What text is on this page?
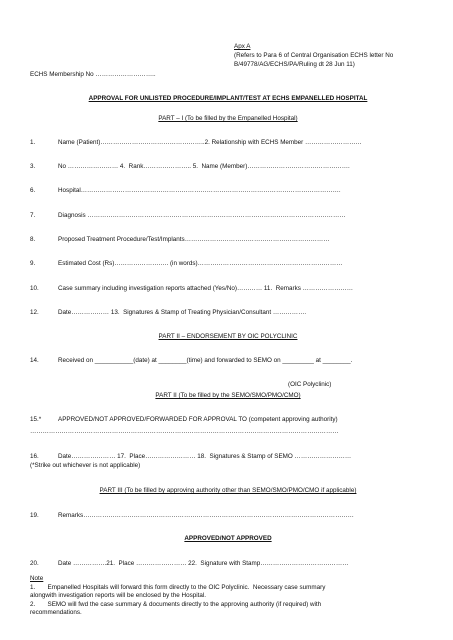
Apx A
(Refers to Para 6 of Central Organisation ECHS letter No
B/49778/AG/ECHS/PA/Ruling dt 28 Jun 11)
ECHS Membership No ………………………..
APPROVAL FOR UNLISTED PROCEDURE/IMPLANT/TEST AT ECHS EMPANELLED HOSPITAL
PART – I (To be filled by the Empanelled Hospital)
1.	Name (Patient)…………………………………………..2. Relationship with ECHS Member ………………………
3.	No …………………… 4.  Rank………………….. 5.  Name (Member)………………………………………….
6.	Hospital…………………………………………………………………………………………………………….
7.	Diagnosis ……………………………………………………………………………………………………………
8.	Proposed Treatment Procedure/Test/Implants……………………………………………………………
9.	Estimated Cost (Rs)…………………….. (in words)……………………………………………………………
10.	Case summary including investigation reports attached (Yes/No)………… 11.  Remarks ……………………
12.	Date……………… 13.  Signatures & Stamp of Treating Physician/Consultant …………….
PART II – ENDORSEMENT BY OIC POLYCLINIC
14.	Received on ___________(date) at ________(time) and forwarded to SEMO on _________ at ________.
(OIC Polyclinic)
PART II (To be filled by the SEMO/SMO/PMO/CMO)
15.*	APPROVED/NOT APPROVED/FORWARDED FOR APPROVAL TO (competent approving authority)
…………………………………………………………………………………………………………………………………
16.	Date………………… 17.  Place…………………… 18.  Signatures & Stamp of SEMO ………………………
(*Strike out whichever is not applicable)
PART III (To be filled by approving authority other than SEMO/SMO/PMO/CMO if applicable)
19.	Remarks…………………………………………………………………………………………………………………
APPROVED/NOT APPROVED
20.	Date …………….21.  Place …………………… 22.  Signature with Stamp……………………………………
Note
1.       Empanelled Hospitals will forward this form directly to the OIC Polyclinic.  Necessary case summary
alongwith investigation reports will be enclosed by the Hospital.
2.       SEMO will fwd the case summary & documents directly to the approving authority (if required) with
recommendations.
